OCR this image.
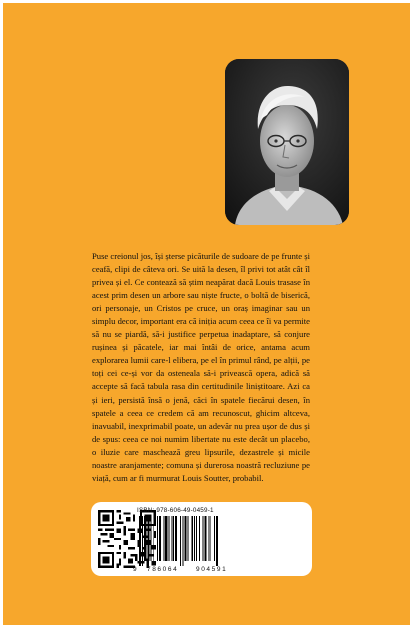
Puse creionul jos, își șterse picăturile de sudoare de pe frunte și ceafă, clipi de câteva ori. Se uită la desen, îl privi tot atât cât îl privea și el. Ce contează să știm neapărat dacă Louis trasase în acest prim desen un arbore sau niște fructe, o boltă de biserică, ori personaje, un Cristos pe cruce, un oraș imaginar sau un simplu decor, important era că iniția acum ceea ce îi va permite să nu se piardă, să-i justifice perpetua inadaptare, să conjure rușinea și păcatele, iar mai întâi de orice, antama acum explorarea lumii care-l elibera, pe el în primul rând, pe alții, pe toți cei ce-și vor da osteneala să-i privească opera, adică să accepte să facă tabula rasa din certitudinile liniștitoare. Azi ca și ieri, persistă însă o jenă, căci în spatele fiecărui desen, în spatele a ceea ce credem că am recunoscut, ghicim altceva, inavuabil, inexprimabil poate, un adevăr nu prea ușor de dus și de spus: ceea ce noi numim libertate nu este decât un placebo, o iluzie care maschează greu lipsurile, dezastrele și micile noastre aranjamente; comuna și durerosa noastră recluziune pe viață, cum ar fi murmurat Louis Soutter, probabil.

ISBN: 978-606-49-0459-1
9 786064	904591
